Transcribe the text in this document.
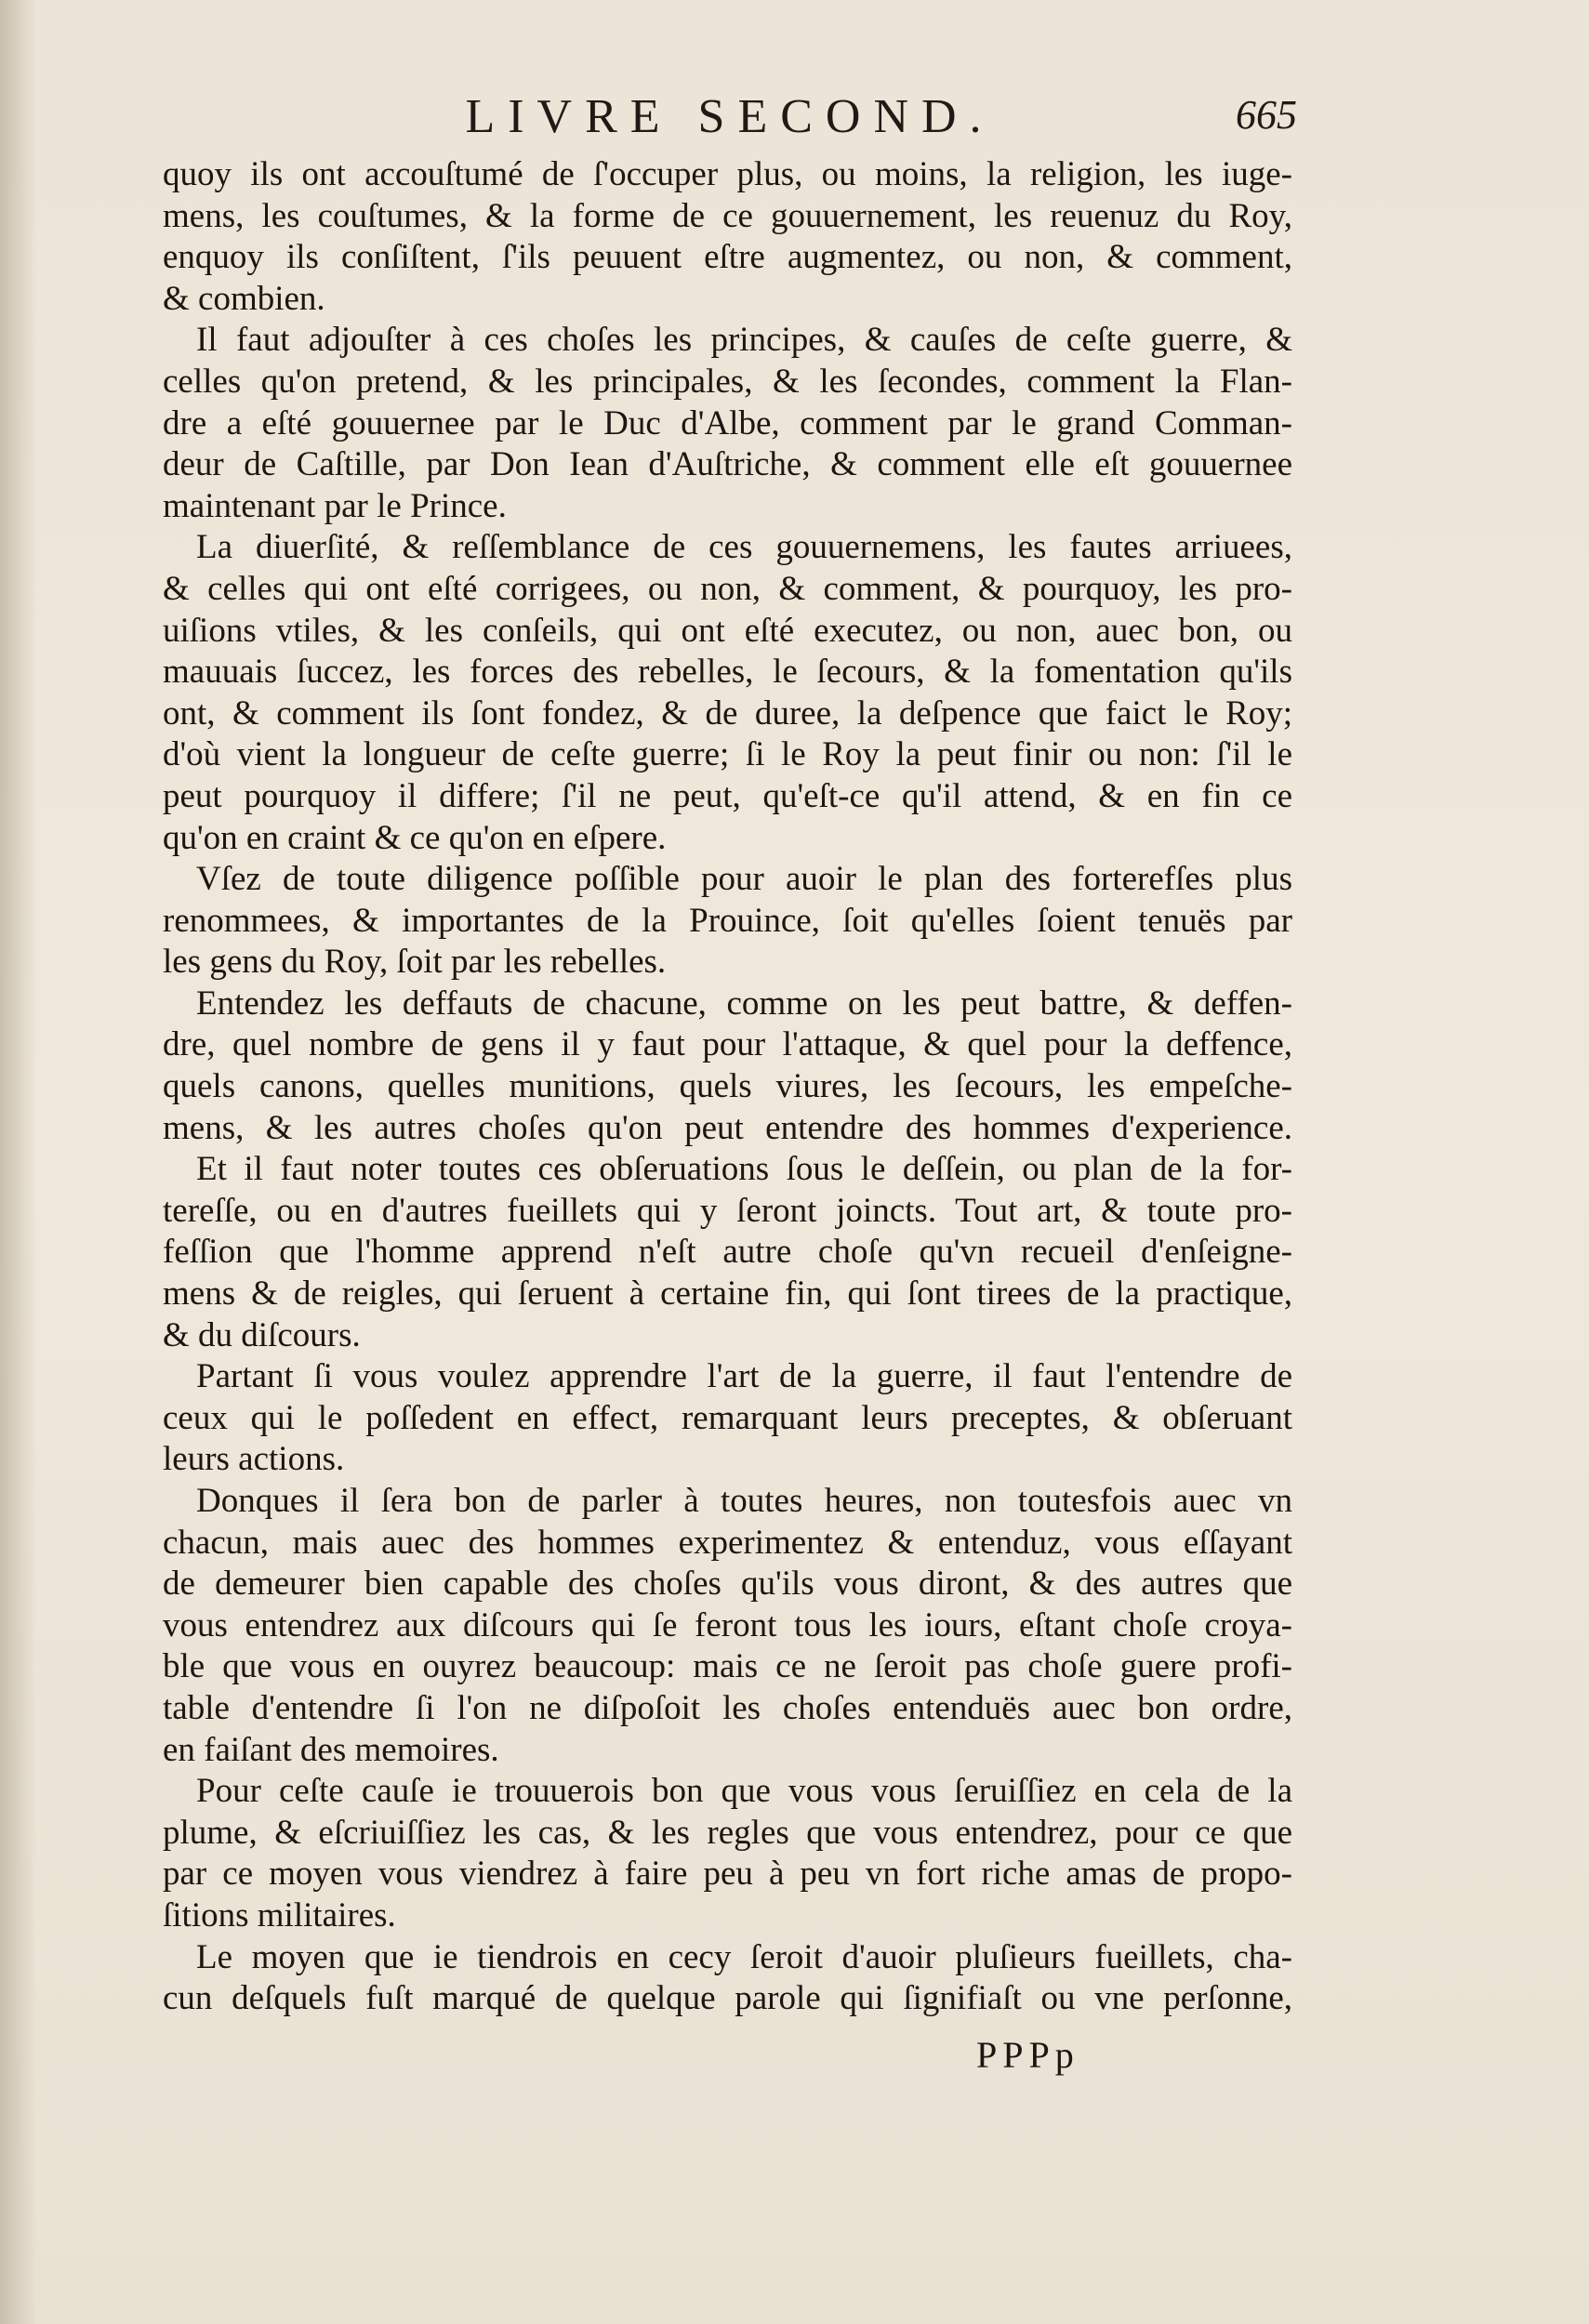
LIVRE SECOND.	665
quoy ils ont accouſtumé de ſ'occuper plus, ou moins, la religion, les iuge-
mens, les couſtumes, & la forme de ce gouuernement, les reuenuz du Roy,
enquoy ils conſiſtent, ſ'ils peuuent eſtre augmentez, ou non, & comment,
& combien.
Il faut adjouſter à ces choſes les principes, & cauſes de ceſte guerre, &
celles qu'on pretend, & les principales, & les ſecondes, comment la Flan-
dre a eſté gouuernee par le Duc d'Albe, comment par le grand Comman-
deur de Caſtille, par Don Iean d'Auſtriche, & comment elle eſt gouuernee
maintenant par le Prince.
La diuerſité, & reſſemblance de ces gouuernemens, les fautes arriuees,
& celles qui ont eſté corrigees, ou non, & comment, & pourquoy, les pro-
uiſions vtiles, & les conſeils, qui ont eſté executez, ou non, auec bon, ou
mauuais ſuccez, les forces des rebelles, le ſecours, & la fomentation qu'ils
ont, & comment ils ſont fondez, & de duree, la deſpence que faict le Roy;
d'où vient la longueur de ceſte guerre; ſi le Roy la peut finir ou non: ſ'il le
peut pourquoy il differe; ſ'il ne peut, qu'eſt-ce qu'il attend, & en fin ce
qu'on en craint & ce qu'on en eſpere.
Vſez de toute diligence poſſible pour auoir le plan des forterefſes plus
renommees, & importantes de la Prouince, ſoit qu'elles ſoient tenuës par
les gens du Roy, ſoit par les rebelles.
Entendez les deffauts de chacune, comme on les peut battre, & deffen-
dre, quel nombre de gens il y faut pour l'attaque, & quel pour la deffence,
quels canons, quelles munitions, quels viures, les ſecours, les empeſche-
mens, & les autres choſes qu'on peut entendre des hommes d'experience.
Et il faut noter toutes ces obſeruations ſous le deſſein, ou plan de la for-
tereſſe, ou en d'autres fueillets qui y ſeront joincts. Tout art, & toute pro-
feſſion que l'homme apprend n'eſt autre choſe qu'vn recueil d'enſeigne-
mens & de reigles, qui ſeruent à certaine fin, qui ſont tirees de la practique,
& du diſcours.
Partant ſi vous voulez apprendre l'art de la guerre, il faut l'entendre de
ceux qui le poſſedent en effect, remarquant leurs preceptes, & obſeruant
leurs actions.
Donques il ſera bon de parler à toutes heures, non toutesfois auec vn
chacun, mais auec des hommes experimentez & entenduz, vous eſſayant
de demeurer bien capable des choſes qu'ils vous diront, & des autres que
vous entendrez aux diſcours qui ſe feront tous les iours, eſtant choſe croya-
ble que vous en ouyrez beaucoup: mais ce ne ſeroit pas choſe guere profi-
table d'entendre ſi l'on ne diſpoſoit les choſes entenduës auec bon ordre,
en faiſant des memoires.
Pour ceſte cauſe ie trouuerois bon que vous vous ſeruiſſiez en cela de la
plume, & eſcriuiſſiez les cas, & les regles que vous entendrez, pour ce que
par ce moyen vous viendrez à faire peu à peu vn fort riche amas de propo-
ſitions militaires.
Le moyen que ie tiendrois en cecy ſeroit d'auoir pluſieurs fueillets, cha-
cun deſquels fuſt marqué de quelque parole qui ſignifiaſt ou vne perſonne,
PPPp
